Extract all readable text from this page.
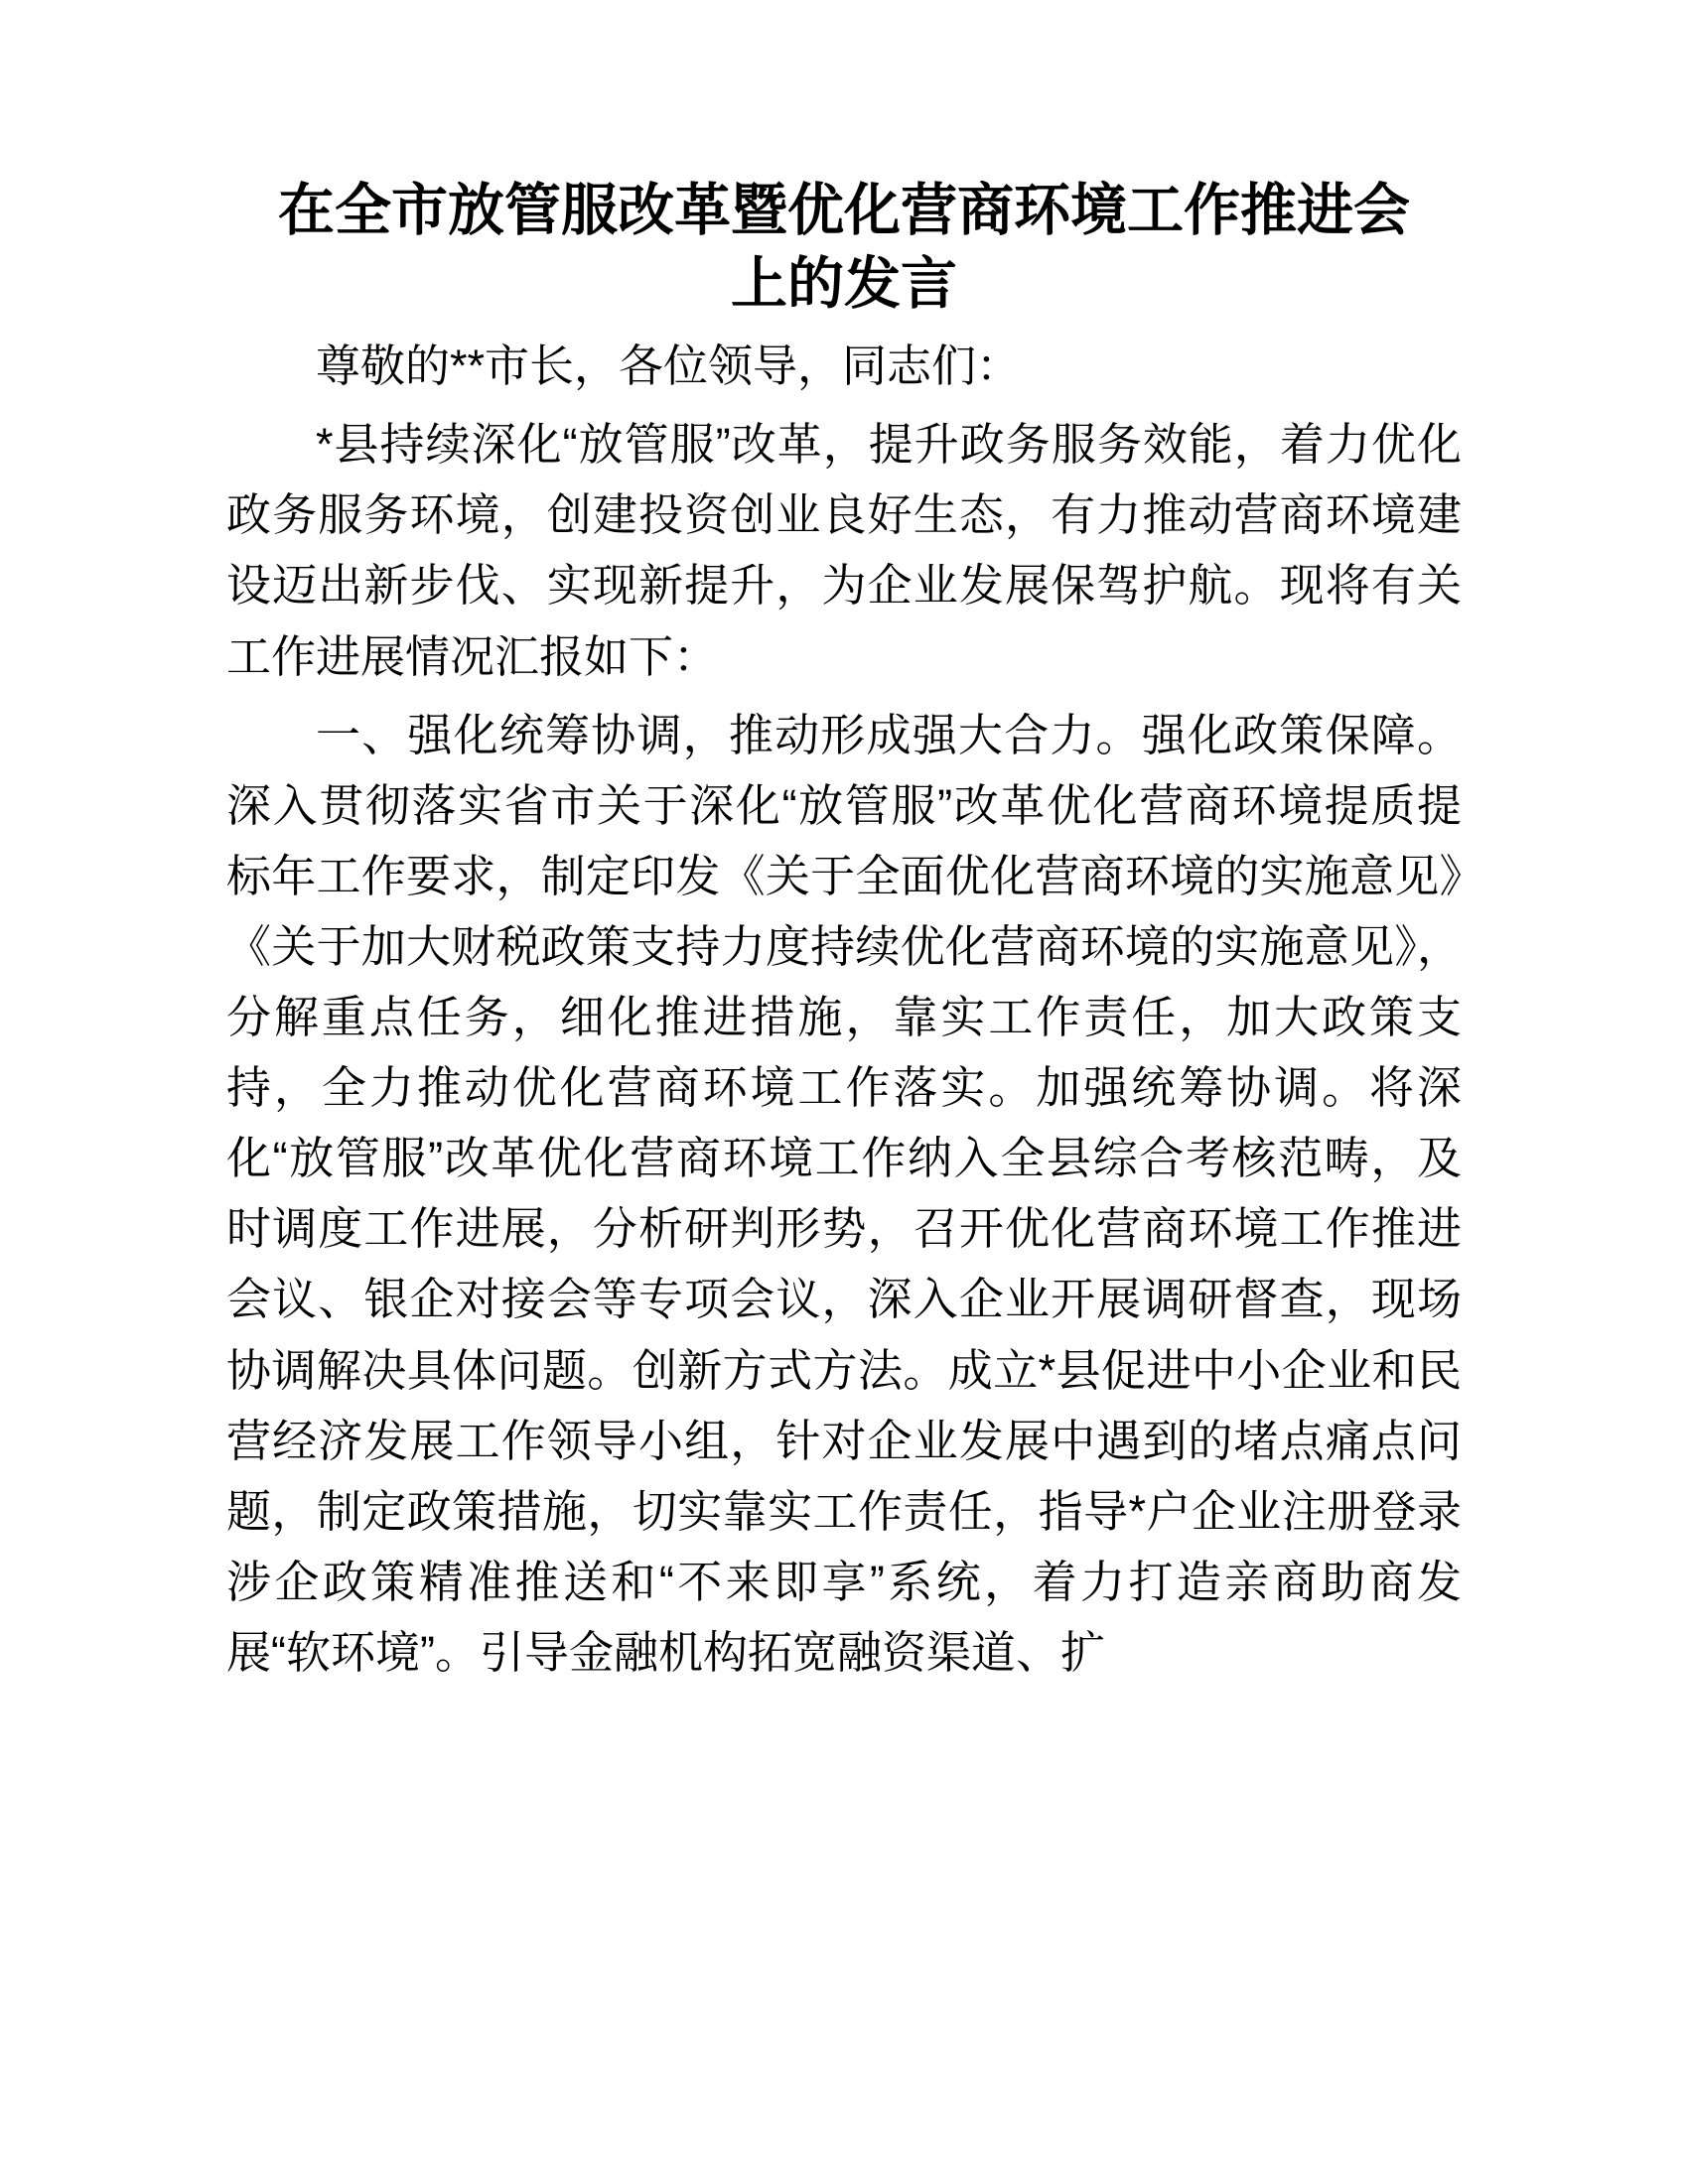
在全市放管服改革暨优化营商环境工作推进会
上的发言

尊敬的**市长，各位领导，同志们：

*县持续深化“放管服”改革，提升政务服务效能，着力优化政务服务环境，创建投资创业良好生态，有力推动营商环境建设迈出新步伐、实现新提升，为企业发展保驾护航。现将有关工作进展情况汇报如下：

一、强化统筹协调，推动形成强大合力。强化政策保障。深入贯彻落实省市关于深化“放管服”改革优化营商环境提质提标年工作要求，制定印发《关于全面优化营商环境的实施意见》《关于加大财税政策支持力度持续优化营商环境的实施意见》，分解重点任务，细化推进措施，靠实工作责任，加大政策支持，全力推动优化营商环境工作落实。加强统筹协调。将深化“放管服”改革优化营商环境工作纳入全县综合考核范畴，及时调度工作进展，分析研判形势，召开优化营商环境工作推进会议、银企对接会等专项会议，深入企业开展调研督查，现场协调解决具体问题。创新方式方法。成立*县促进中小企业和民营经济发展工作领导小组，针对企业发展中遇到的堵点痛点问题，制定政策措施，切实靠实工作责任，指导*户企业注册登录涉企政策精准推送和“不来即享”系统，着力打造亲商助商发展“软环境”。引导金融机构拓宽融资渠道、扩
